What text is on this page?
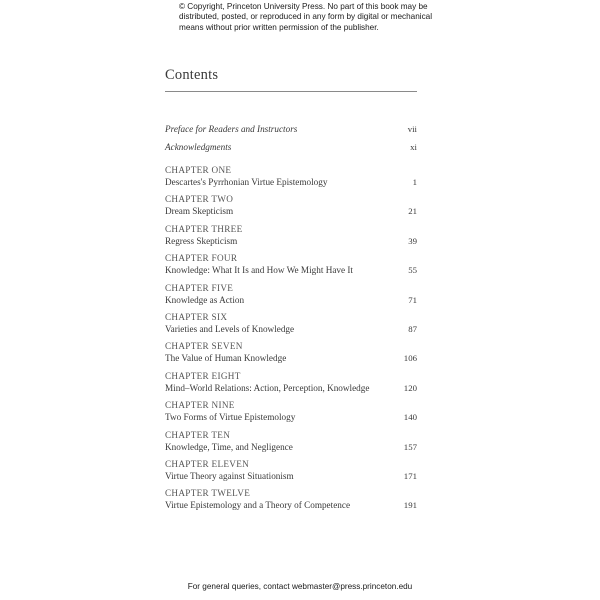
© Copyright, Princeton University Press. No part of this book may be
distributed, posted, or reproduced in any form by digital or mechanical
means without prior written permission of the publisher.
Contents
Preface for Readers and Instructors	vii
Acknowledgments	xi
CHAPTER ONE
Descartes's Pyrrhonian Virtue Epistemology	1
CHAPTER TWO
Dream Skepticism	21
CHAPTER THREE
Regress Skepticism	39
CHAPTER FOUR
Knowledge: What It Is and How We Might Have It	55
CHAPTER FIVE
Knowledge as Action	71
CHAPTER SIX
Varieties and Levels of Knowledge	87
CHAPTER SEVEN
The Value of Human Knowledge	106
CHAPTER EIGHT
Mind–World Relations: Action, Perception, Knowledge	120
CHAPTER NINE
Two Forms of Virtue Epistemology	140
CHAPTER TEN
Knowledge, Time, and Negligence	157
CHAPTER ELEVEN
Virtue Theory against Situationism	171
CHAPTER TWELVE
Virtue Epistemology and a Theory of Competence	191
For general queries, contact webmaster@press.princeton.edu
